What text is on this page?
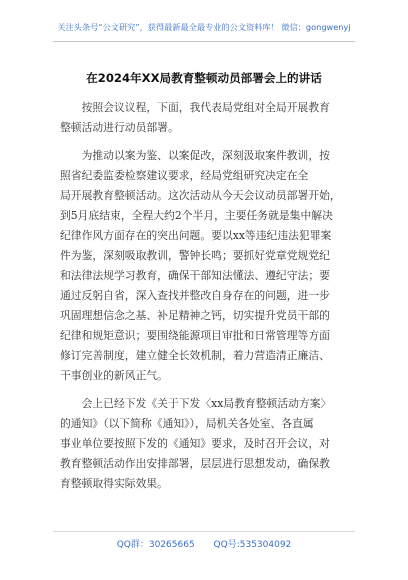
关注头条号“公文研究”，获得最新最全最专业的公文资料库！ 微信：gongwenyj
在2024年XX局教育整顿动员部署会上的讲话

按照会议议程，下面，我代表局党组对全局开展教育
整顿活动进行动员部署。

为推动以案为鉴、以案促改，深刻汲取案件教训，按
照省纪委监委检察建议要求，经局党组研究决定在全
局开展教育整顿活动。这次活动从今天会议动员部署开始，
到5月底结束，全程大约2个半月，主要任务就是集中解决
纪律作风方面存在的突出问题。要以xx等违纪违法犯罪案
件为鉴，深刻吸取教训，警钟长鸣；要抓好党章党规党纪
和法律法规学习教育，确保干部知法懂法、遵纪守法；要
通过反躬自省，深入查找并整改自身存在的问题，进一步
巩固理想信念之基、补足精神之钙，切实提升党员干部的
纪律和规矩意识；要围绕能源项目审批和日常管理等方面
修订完善制度，建立健全长效机制，着力营造清正廉洁、
干事创业的新风正气。

会上已经下发《关于下发〈xx局教育整顿活动方案〉
的通知》（以下简称《通知》），局机关各处室、各直属
事业单位要按照下发的《通知》要求，及时召开会议，对
教育整顿活动作出安排部署，层层进行思想发动，确保教
育整顿取得实际效果。

QQ群：30265665 QQ号:535304092
